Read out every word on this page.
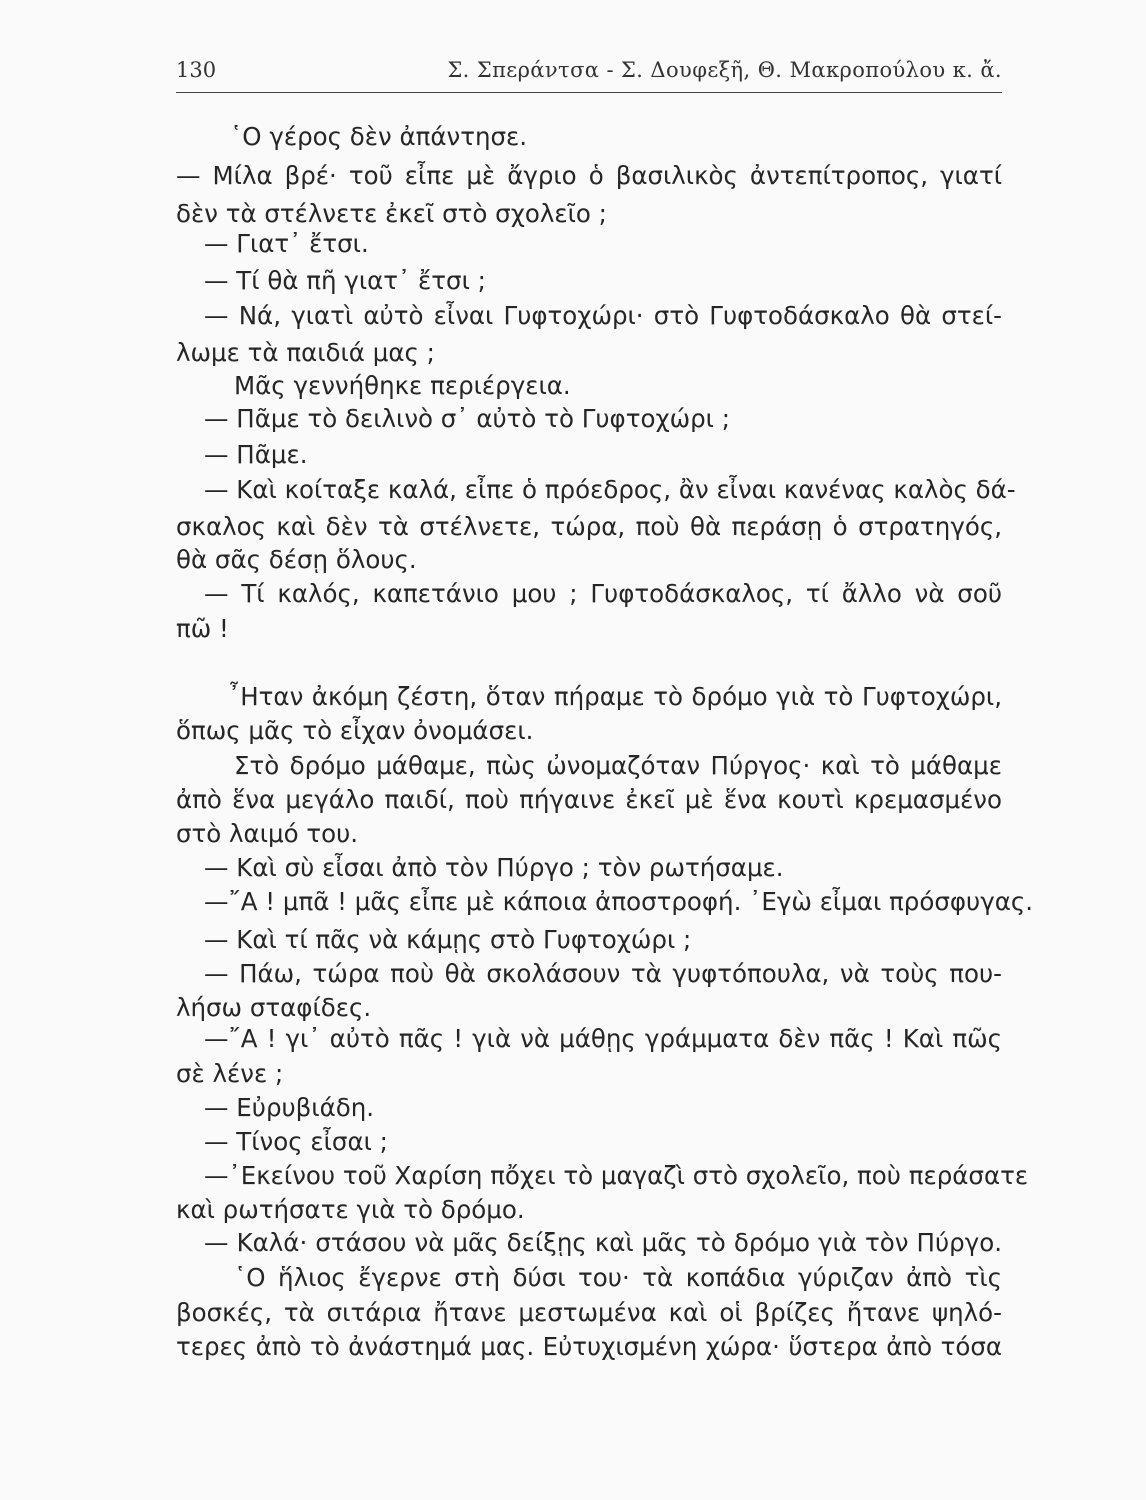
130	Σ. Σπεράντσα - Σ. Δουφεξῆ, Θ. Μακροπούλου κ. ἄ.
῾Ο γέρος δὲν ἀπάντησε.
— Μίλα βρέ· τοῦ εἶπε μὲ ἄγριο ὁ βασιλικὸς ἀντεπίτροπος, γιατί
δὲν τὰ στέλνετε ἐκεῖ στὸ σχολεῖο ;
— Γιατ᾽ ἔτσι.
— Τί θὰ πῆ γιατ᾽ ἔτσι ;
— Νά, γιατὶ αὐτὸ εἶναι Γυφτοχώρι· στὸ Γυφτοδάσκαλο θὰ στεί-
λωμε τὰ παιδιά μας ;
Μᾶς γεννήθηκε περιέργεια.
— Πᾶμε τὸ δειλινὸ σ᾽ αὐτὸ τὸ Γυφτοχώρι ;
— Πᾶμε.
— Καὶ κοίταξε καλά, εἶπε ὁ πρόεδρος, ἂν εἶναι κανένας καλὸς δά-
σκαλος καὶ δὲν τὰ στέλνετε, τώρα, ποὺ θὰ περάσῃ ὁ στρατηγός,
θὰ σᾶς δέσῃ ὅλους.
— Τί καλός, καπετάνιο μου ; Γυφτοδάσκαλος, τί ἄλλο νὰ σοῦ
πῶ !
῏Ηταν ἀκόμη ζέστη, ὅταν πήραμε τὸ δρόμο γιὰ τὸ Γυφτοχώρι,
ὅπως μᾶς τὸ εἶχαν ὀνομάσει.
Στὸ δρόμο μάθαμε, πὼς ὠνομαζόταν Πύργος· καὶ τὸ μάθαμε
ἀπὸ ἕνα μεγάλο παιδί, ποὺ πήγαινε ἐκεῖ μὲ ἕνα κουτὶ κρεμασμένο
στὸ λαιμό του.
— Καὶ σὺ εἶσαι ἀπὸ τὸν Πύργο ; τὸν ρωτήσαμε.
—῎Α ! μπᾶ ! μᾶς εἶπε μὲ κάποια ἀποστροφή. ᾿Εγὼ εἶμαι πρόσφυγας.
— Καὶ τί πᾶς νὰ κάμῃς στὸ Γυφτοχώρι ;
— Πάω, τώρα ποὺ θὰ σκολάσουν τὰ γυφτόπουλα, νὰ τοὺς που-
λήσω σταφίδες.
—῎Α ! γι᾽ αὐτὸ πᾶς ! γιὰ νὰ μάθῃς γράμματα δὲν πᾶς ! Καὶ πῶς
σὲ λένε ;
— Εὐρυβιάδη.
— Τίνος εἶσαι ;
—᾿Εκείνου τοῦ Χαρίση πὄχει τὸ μαγαζὶ στὸ σχολεῖο, ποὺ περάσατε
καὶ ρωτήσατε γιὰ τὸ δρόμο.
— Καλά· στάσου νὰ μᾶς δείξῃς καὶ μᾶς τὸ δρόμο γιὰ τὸν Πύργο.
῾Ο ἥλιος ἔγερνε στὴ δύσι του· τὰ κοπάδια γύριζαν ἀπὸ τὶς
βοσκές, τὰ σιτάρια ἤτανε μεστωμένα καὶ οἱ βρίζες ἤτανε ψηλό-
τερες ἀπὸ τὸ ἀνάστημά μας. Εὐτυχισμένη χώρα· ὕστερα ἀπὸ τόσα
